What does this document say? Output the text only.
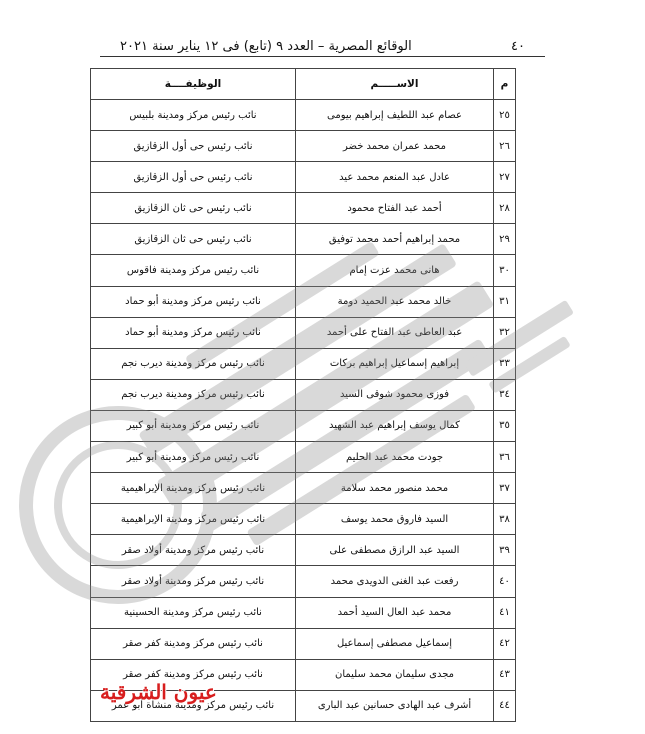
٤٠
الوقائع المصرية – العدد ٩ (تابع) فى ١٢ يناير سنة ٢٠٢١
م	الاســـــم	الوظيفــــة
٢٥	عصام عبد اللطيف إبراهيم بيومى	نائب رئيس مركز ومدينة بلبيس
٢٦	محمد عمران محمد خضر	نائب رئيس حى أول الزقازيق
٢٧	عادل عبد المنعم محمد عيد	نائب رئيس حى أول الزقازيق
٢٨	أحمد عبد الفتاح محمود	نائب رئيس حى ثان الزقازيق
٢٩	محمد إبراهيم أحمد محمد توفيق	نائب رئيس حى ثان الزقازيق
٣٠	هانى محمد عزت إمام	نائب رئيس مركز ومدينة فاقوس
٣١	خالد محمد عبد الحميد دومة	نائب رئيس مركز ومدينة أبو حماد
٣٢	عبد العاطى عبد الفتاح على أحمد	نائب رئيس مركز ومدينة أبو حماد
٣٣	إبراهيم إسماعيل إبراهيم بركات	نائب رئيس مركز ومدينة ديرب نجم
٣٤	فوزى محمود شوقى السيد	نائب رئيس مركز ومدينة ديرب نجم
٣٥	كمال يوسف إبراهيم عبد الشهيد	نائب رئيس مركز ومدينة أبو كبير
٣٦	جودت محمد عبد الحليم	نائب رئيس مركز ومدينة أبو كبير
٣٧	محمد منصور محمد سلامة	نائب رئيس مركز ومدينة الإبراهيمية
٣٨	السيد فاروق محمد يوسف	نائب رئيس مركز ومدينة الإبراهيمية
٣٩	السيد عبد الرازق مصطفى على	نائب رئيس مركز ومدينة أولاد صقر
٤٠	رفعت عبد الغنى الدويدى محمد	نائب رئيس مركز ومدينة أولاد صقر
٤١	محمد عبد العال السيد أحمد	نائب رئيس مركز ومدينة الحسينية
٤٢	إسماعيل مصطفى إسماعيل	نائب رئيس مركز ومدينة كفر صقر
٤٣	مجدى سليمان محمد سليمان	نائب رئيس مركز ومدينة كفر صقر
٤٤	أشرف عبد الهادى حسانين عبد البارى	نائب رئيس مركز ومدينة منشأة أبو عمر
عيون الشرقية
